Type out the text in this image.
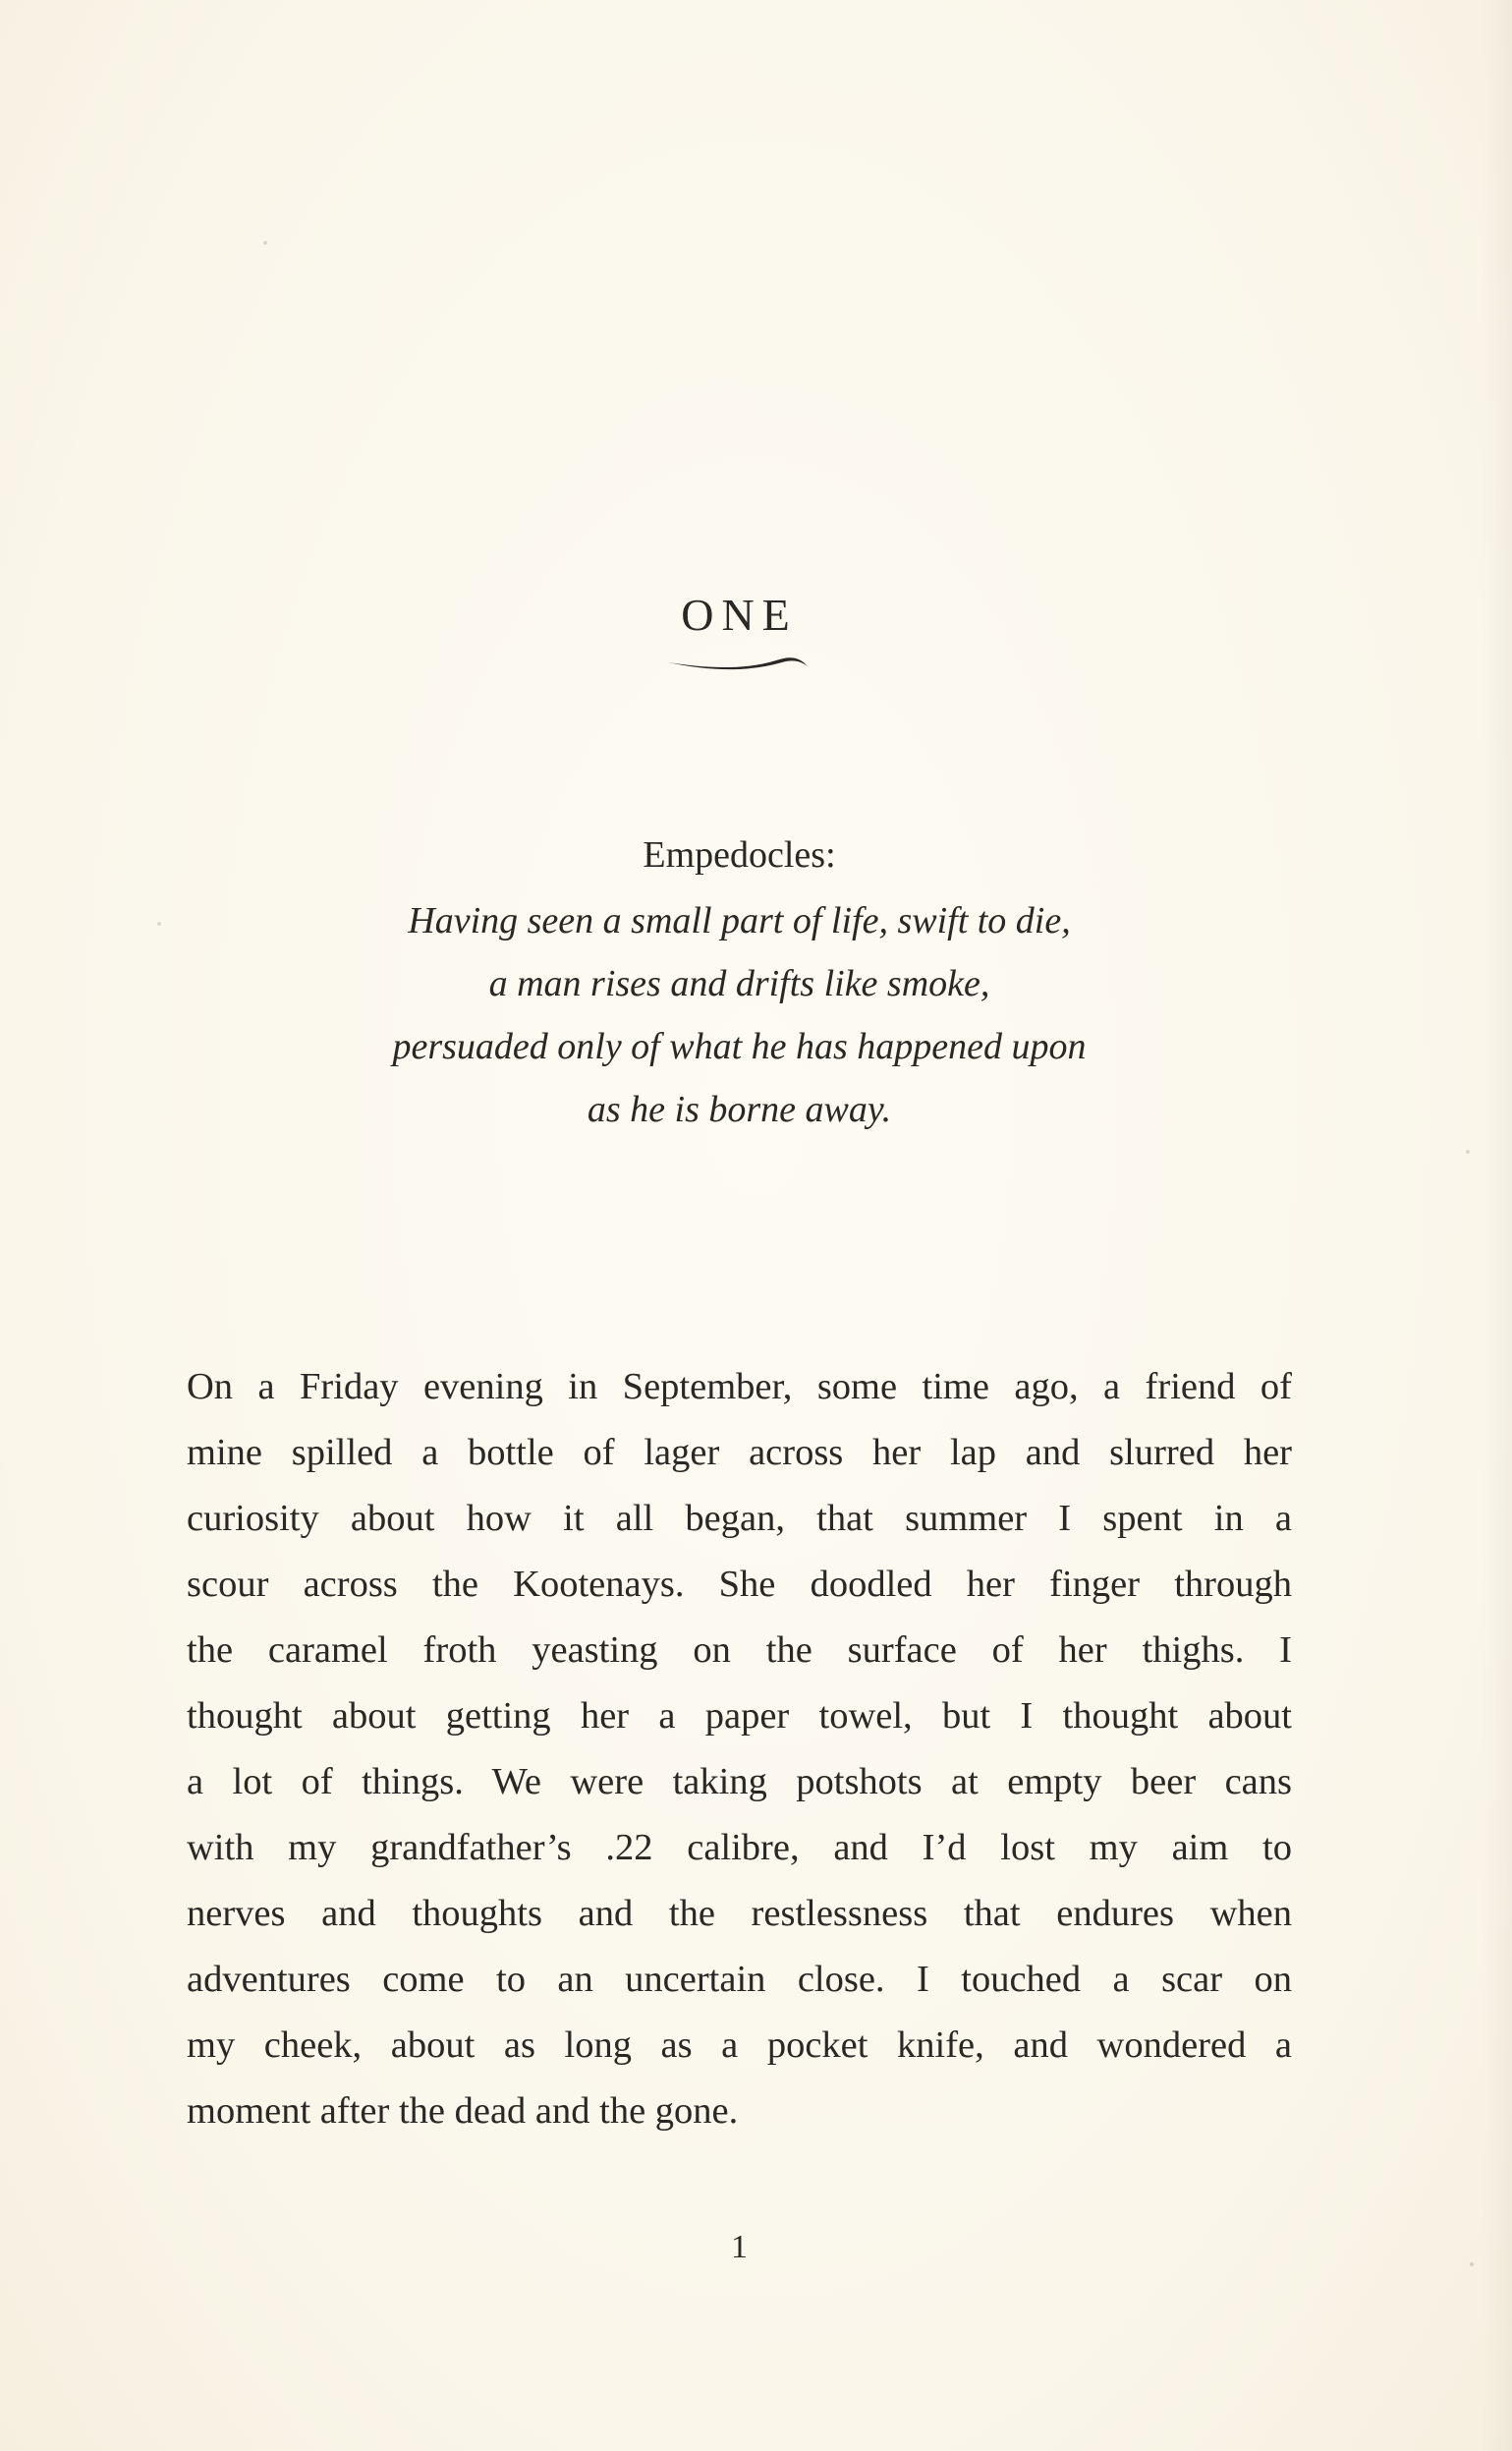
ONE
Empedocles:
Having seen a small part of life, swift to die,
a man rises and drifts like smoke,
persuaded only of what he has happened upon
as he is borne away.
On a Friday evening in September, some time ago, a friend of
mine spilled a bottle of lager across her lap and slurred her
curiosity about how it all began, that summer I spent in a
scour across the Kootenays. She doodled her finger through
the caramel froth yeasting on the surface of her thighs. I
thought about getting her a paper towel, but I thought about
a lot of things. We were taking potshots at empty beer cans
with my grandfather’s .22 calibre, and I’d lost my aim to
nerves and thoughts and the restlessness that endures when
adventures come to an uncertain close. I touched a scar on
my cheek, about as long as a pocket knife, and wondered a
moment after the dead and the gone.
1
